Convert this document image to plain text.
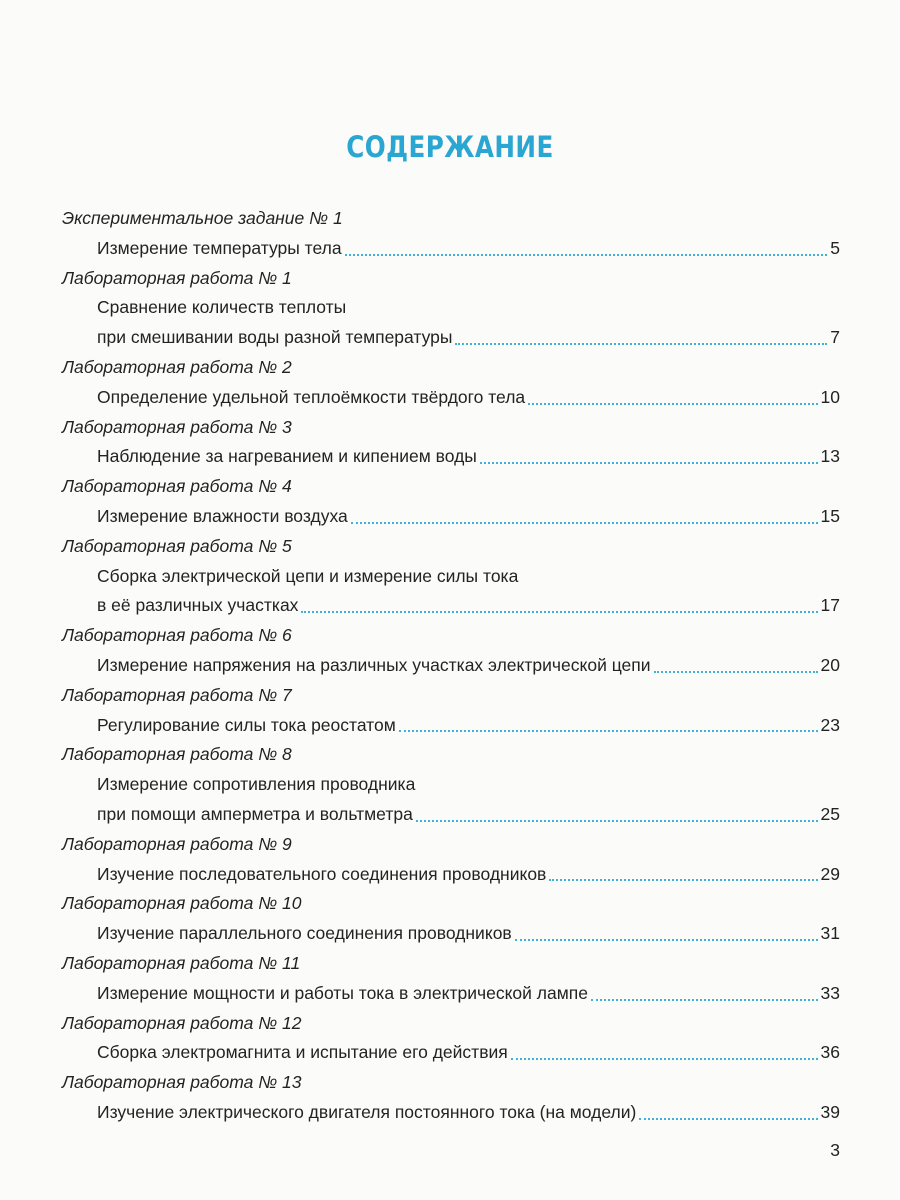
СОДЕРЖАНИЕ
Экспериментальное задание № 1
Измерение температуры тела	5
Лабораторная работа № 1
Сравнение количеств теплоты
при смешивании воды разной температуры	7
Лабораторная работа № 2
Определение удельной теплоёмкости твёрдого тела	10
Лабораторная работа № 3
Наблюдение за нагреванием и кипением воды	13
Лабораторная работа № 4
Измерение влажности воздуха	15
Лабораторная работа № 5
Сборка электрической цепи и измерение силы тока
в её различных участках	17
Лабораторная работа № 6
Измерение напряжения на различных участках электрической цепи	20
Лабораторная работа № 7
Регулирование силы тока реостатом	23
Лабораторная работа № 8
Измерение сопротивления проводника
при помощи амперметра и вольтметра	25
Лабораторная работа № 9
Изучение последовательного соединения проводников	29
Лабораторная работа № 10
Изучение параллельного соединения проводников	31
Лабораторная работа № 11
Измерение мощности и работы тока в электрической лампе	33
Лабораторная работа № 12
Сборка электромагнита и испытание его действия	36
Лабораторная работа № 13
Изучение электрического двигателя постоянного тока (на модели)	39
3
